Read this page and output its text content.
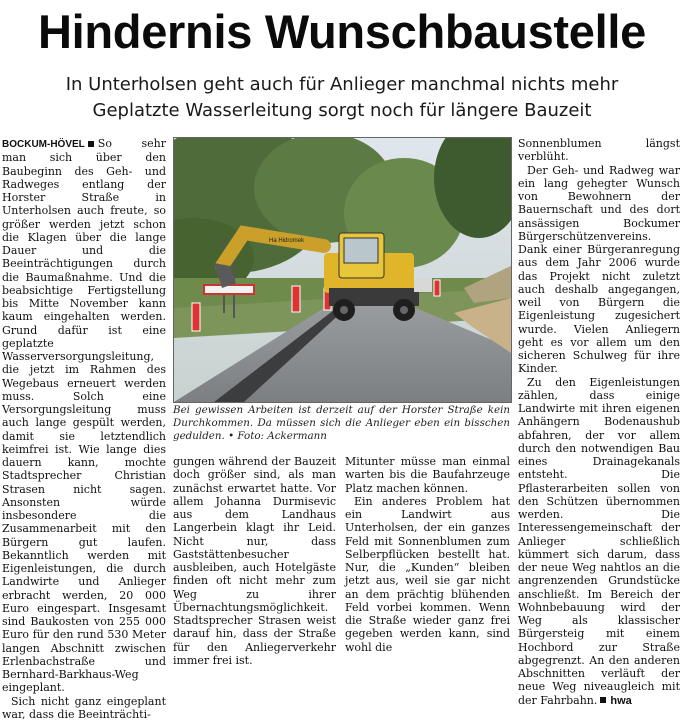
Hindernis Wunschbaustelle
In Unterholsen geht auch für Anlieger manchmal nichts mehr
Geplatzte Wasserleitung sorgt noch für längere Bauzeit

BOCKUM-HÖVEL So sehr man sich über den Baubeginn des Geh- und Radweges entlang der Horster Straße in Unterholsen auch freute, so größer werden jetzt schon die Klagen über die lange Dauer und die Beeinträchtigungen durch die Baumaßnahme. Und die beabsichtige Fertigstellung bis Mitte November kann kaum eingehalten werden. Grund dafür ist eine geplatzte Wasserversorgungsleitung, die jetzt im Rahmen des Wegebaus erneuert werden muss. Solch eine Versorgungsleitung muss auch lange gespült werden, damit sie letztendlich keimfrei ist. Wie lange dies dauern kann, mochte Stadtsprecher Christian Strasen nicht sagen. Ansonsten würde insbesondere die Zusammenarbeit mit den Bürgern gut laufen. Bekanntlich werden mit Eigenleistungen, die durch Landwirte und Anlieger erbracht werden, 20 000 Euro eingespart. Insgesamt sind Baukosten von 255 000 Euro für den rund 530 Meter langen Abschnitt zwischen Erlenbachstraße und Bernhard-Barkhaus-Weg eingeplant.

Sich nicht ganz eingeplant war, dass die Beeinträchti-

Ha Hidromek

Bei gewissen Arbeiten ist derzeit auf der Horster Straße kein Durchkommen. Da müssen sich die Anlieger eben ein bisschen gedulden. • Foto: Ackermann

gungen während der Bauzeit doch größer sind, als man zunächst erwartet hatte. Vor allem Johanna Durmisevic aus dem Landhaus Langerbein klagt ihr Leid. Nicht nur, dass Gaststättenbesucher ausbleiben, auch Hotelgäste finden oft nicht mehr zum Weg zu ihrer Übernachtungsmöglichkeit. Stadtsprecher Strasen weist darauf hin, dass der Straße für den Anliegerverkehr immer frei ist.

Mitunter müsse man einmal warten bis die Baufahrzeuge Platz machen können.

Ein anderes Problem hat ein Landwirt aus Unterholsen, der ein ganzes Feld mit Sonnenblumen zum Selberpflücken bestellt hat. Nur, die „Kunden“ bleiben jetzt aus, weil sie gar nicht an dem prächtig blühenden Feld vorbei kommen. Wenn die Straße wieder ganz frei gegeben werden kann, sind wohl die

Sonnenblumen längst verblüht.

Der Geh- und Radweg war ein lang gehegter Wunsch von Bewohnern der Bauernschaft und des dort ansässigen Bockumer Bürgerschützenvereins. Dank einer Bürgeranregung aus dem Jahr 2006 wurde das Projekt nicht zuletzt auch deshalb angegangen, weil von Bürgern die Eigenleistung zugesichert wurde. Vielen Anliegern geht es vor allem um den sicheren Schulweg für ihre Kinder.

Zu den Eigenleistungen zählen, dass einige Landwirte mit ihren eigenen Anhängern Bodenaushub abfahren, der vor allem durch den notwendigen Bau eines Drainagekanals entsteht. Die Pflasterarbeiten sollen von den Schützen übernommen werden. Die Interessengemeinschaft der Anlieger schließlich kümmert sich darum, dass der neue Weg nahtlos an die angrenzenden Grundstücke anschließt. Im Bereich der Wohnbebauung wird der Weg als klassischer Bürgersteig mit einem Hochbord zur Straße abgegrenzt. An den anderen Abschnitten verläuft der neue Weg niveaugleich mit der Fahrbahn. hwa
